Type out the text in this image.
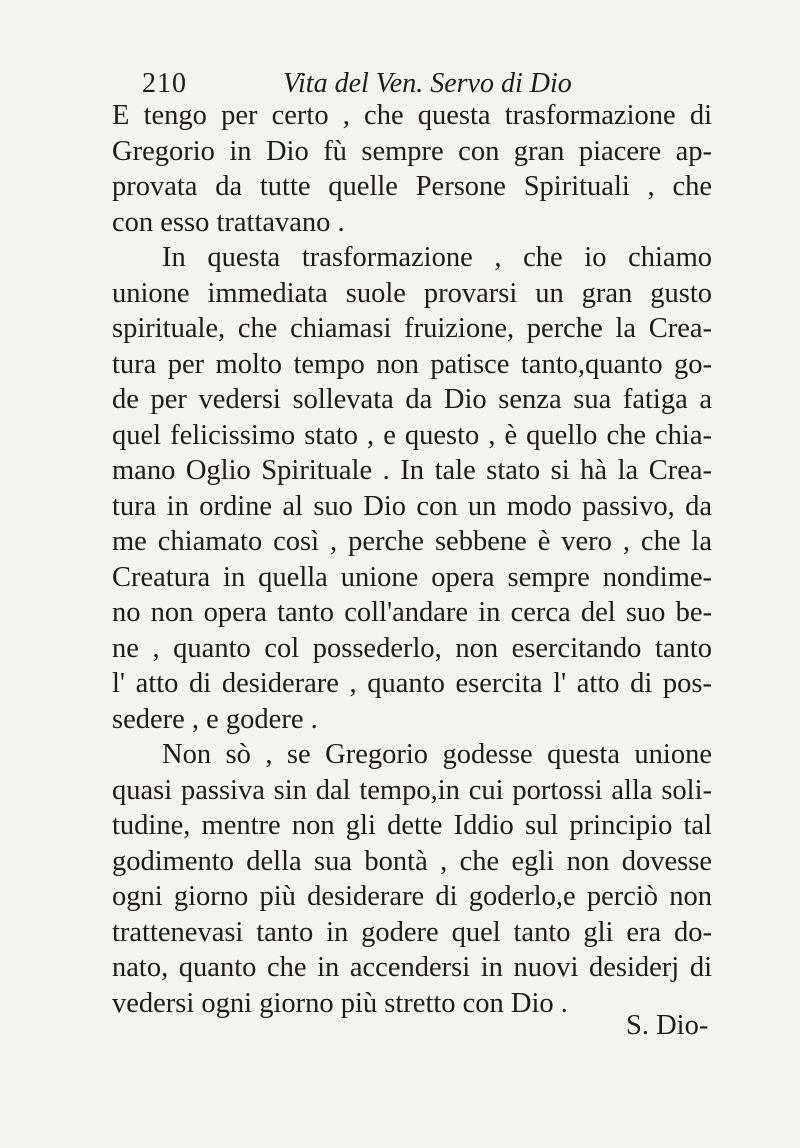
210	Vita del Ven. Servo di Dio
E tengo per certo , che questa trasformazione di
Gregorio in Dio fù sempre con gran piacere ap-
provata da tutte quelle Persone Spirituali , che
con esso trattavano .
In questa trasformazione , che io chiamo
unione immediata suole provarsi un gran gusto
spirituale, che chiamasi fruizione, perche la Crea-
tura per molto tempo non patisce tanto,quanto go-
de per vedersi sollevata da Dio senza sua fatiga a
quel felicissimo stato , e questo , è quello che chia-
mano Oglio Spirituale . In tale stato si hà la Crea-
tura in ordine al suo Dio con un modo passivo, da
me chiamato così , perche sebbene è vero , che la
Creatura in quella unione opera sempre nondime-
no non opera tanto coll'andare in cerca del suo be-
ne , quanto col possederlo, non esercitando tanto
l' atto di desiderare , quanto esercita l' atto di pos-
sedere , e godere .
Non sò , se Gregorio godesse questa unione
quasi passiva sin dal tempo,in cui portossi alla soli-
tudine, mentre non gli dette Iddio sul principio tal
godimento della sua bontà , che egli non dovesse
ogni giorno più desiderare di goderlo,e perciò non
trattenevasi tanto in godere quel tanto gli era do-
nato, quanto che in accendersi in nuovi desiderj di
vedersi ogni giorno più stretto con Dio .
S. Dio-
